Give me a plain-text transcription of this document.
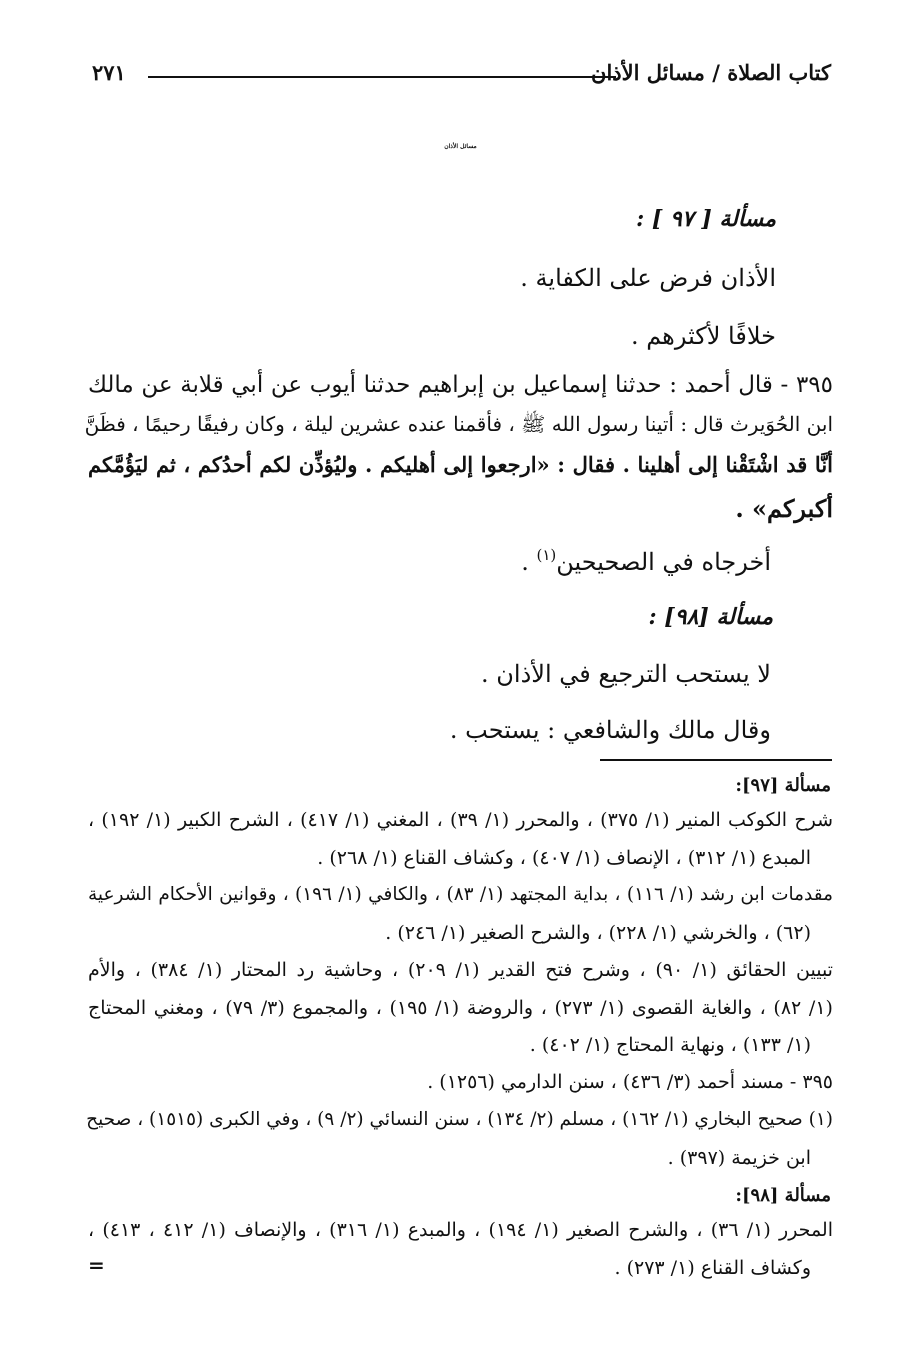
كتاب الصلاة / مسائل الأذان
٢٧١
مسائل الأذان
مسألة [ ٩٧ ] :
الأذان فرض على الكفاية .
خلافًا لأكثرهم .
٣٩٥ - قال أحمد : حدثنا إسماعيل بن إبراهيم حدثنا أيوب عن أبي قلابة عن مالك
ابن الحُوَيرث قال : أتينا رسول الله ﷺ ، فأقمنا عنده عشرين ليلة ، وكان رفيقًا رحيمًا ، فظَنَّ
أنَّا قد اشْتَقْنا إلى أهلينا . فقال : «ارجعوا إلى أهليكم . وليُؤذِّن لكم أحدُكم ، ثم ليَؤُمَّكم
أكبركم» .
أخرجاه في الصحيحين$^{(١)}$ .
مسألة [٩٨] :
لا يستحب الترجيع في الأذان .
وقال مالك والشافعي : يستحب .
مسألة [٩٧]:
شرح الكوكب المنير (١/ ٣٧٥) ، والمحرر (١/ ٣٩) ، المغني (١/ ٤١٧) ، الشرح الكبير (١/ ١٩٢) ،
المبدع (١/ ٣١٢) ، الإنصاف (١/ ٤٠٧) ، وكشاف القناع (١/ ٢٦٨) .
مقدمات ابن رشد (١/ ١١٦) ، بداية المجتهد (١/ ٨٣) ، والكافي (١/ ١٩٦) ، وقوانين الأحكام الشرعية
(٦٢) ، والخرشي (١/ ٢٢٨) ، والشرح الصغير (١/ ٢٤٦) .
تبيين الحقائق (١/ ٩٠) ، وشرح فتح القدير (١/ ٢٠٩) ، وحاشية رد المحتار (١/ ٣٨٤) ، والأم
(١/ ٨٢) ، والغاية القصوى (١/ ٢٧٣) ، والروضة (١/ ١٩٥) ، والمجموع (٣/ ٧٩) ، ومغني المحتاج
(١/ ١٣٣) ، ونهاية المحتاج (١/ ٤٠٢) .
٣٩٥ - مسند أحمد (٣/ ٤٣٦) ، سنن الدارمي (١٢٥٦) .
(١) صحيح البخاري (١/ ١٦٢) ، مسلم (٢/ ١٣٤) ، سنن النسائي (٢/ ٩) ، وفي الكبرى (١٥١٥) ، صحيح
ابن خزيمة (٣٩٧) .
مسألة [٩٨]:
المحرر (١/ ٣٦) ، والشرح الصغير (١/ ١٩٤) ، والمبدع (١/ ٣١٦) ، والإنصاف (١/ ٤١٢ ، ٤١٣) ،
وكشاف القناع (١/ ٢٧٣) .
=
